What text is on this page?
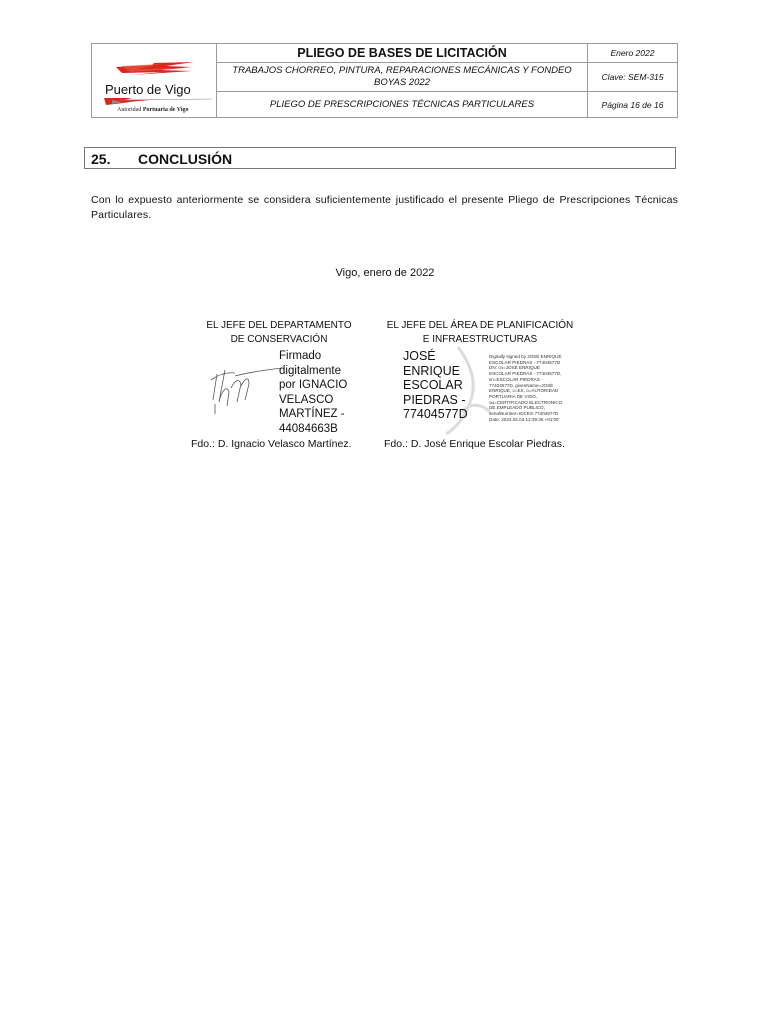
Puerto de Vigo
Autoridad Portuaria de Vigo	PLIEGO DE BASES DE LICITACIÓN	Enero 2022
	TRABAJOS CHORREO, PINTURA, REPARACIONES MECÁNICAS Y FONDEO BOYAS 2022	Clave: SEM-315
	PLIEGO DE PRESCRIPCIONES TÉCNICAS PARTICULARES	Página 16 de 16
25. CONCLUSIÓN
Con lo expuesto anteriormente se considera suficientemente justificado el presente Pliego de Prescripciones Técnicas Particulares.
Vigo, enero de 2022
EL JEFE DEL DEPARTAMENTO
DE CONSERVACIÓN
EL JEFE DEL ÁREA DE PLANIFICACIÓN
E INFRAESTRUCTURAS
Firmado
digitalmente
por IGNACIO
VELASCO
MARTÍNEZ -
44084663B
JOSÉ
ENRIQUE
ESCOLAR
PIEDRAS -
77404577D
Digitally signed by JOSÉ ENRIQUE
ESCOLAR PIEDRAS - 77404577D
DN: cn=JOSÉ ENRIQUE
ESCOLAR PIEDRAS - 77404577D,
sn=ESCOLAR PIEDRAS -
77404577D, givenName=JOSÉ
ENRIQUE, c=ES, o=AUTORIDAD
PORTUARIA DE VIGO,
ou=CERTIFICADO ELECTRONICO
DE EMPLEADO PUBLICO,
serialNumber=IDCES-77404577D
Date: 2022.02.03 12:39:36 +01'00'
Fdo.: D. Ignacio Velasco Martínez.	Fdo.: D. José Enrique Escolar Piedras.
